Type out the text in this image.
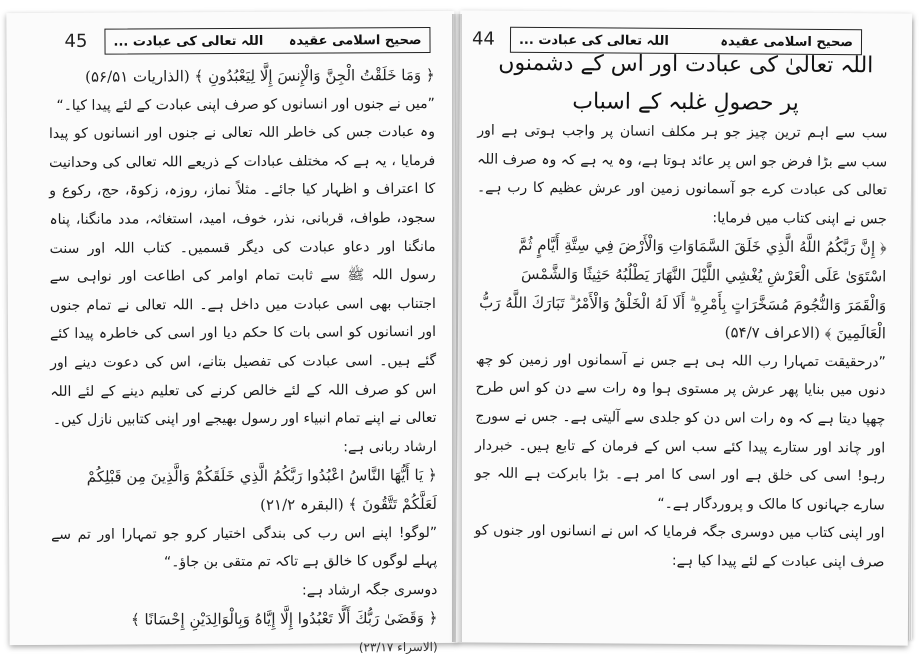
45	صحیح اسلامی عقیدہ
اللہ تعالی کی عبادت ...

﴿ وَمَا خَلَقْتُ الْجِنَّ وَالْإِنسَ إِلَّا لِيَعْبُدُونِ ﴾ (الذاریات ۵۶/۵۱)

”میں نے جنوں اور انسانوں کو صرف اپنی عبادت کے لئے پیدا کیا۔“

وہ عبادت جس کی خاطر اللہ تعالی نے جنوں اور انسانوں کو پیدا فرمایا ، یہ ہے کہ مختلف عبادات کے ذریعے اللہ تعالی کی وحدانیت کا اعتراف و اظہار کیا جائے۔ مثلاً نماز، روزہ، زکوۃ، حج، رکوع و سجود، طواف، قربانی، نذر، خوف، امید، استغاثہ، مدد مانگنا، پناہ مانگنا اور دعاو عبادت کی دیگر قسمیں۔ کتاب اللہ اور سنت رسول اللہ ﷺ سے ثابت تمام اوامر کی اطاعت اور نواہی سے اجتناب بھی اسی عبادت میں داخل ہے۔ اللہ تعالی نے تمام جنوں اور انسانوں کو اسی بات کا حکم دیا اور اسی کی خاطرہ پیدا کئے گئے ہیں۔ اسی عبادت کی تفصیل بتانے، اس کی دعوت دینے اور اس کو صرف اللہ کے لئے خالص کرنے کی تعلیم دینے کے لئے اللہ تعالی نے اپنے تمام انبیاء اور رسول بھیجے اور اپنی کتابیں نازل کیں۔

ارشاد ربانی ہے:

﴿ يَا أَيُّهَا النَّاسُ اعْبُدُوا رَبَّكُمُ الَّذِي خَلَقَكُمْ وَالَّذِينَ مِن قَبْلِكُمْ لَعَلَّكُمْ تَتَّقُونَ ﴾ (البقرہ ۲۱/۲)

”لوگو! اپنے اس رب کی بندگی اختیار کرو جو تمہارا اور تم سے پہلے لوگوں کا خالق ہے تاکہ تم متقی بن جاؤ۔“

دوسری جگہ ارشاد ہے:

﴿ وَقَضَىٰ رَبُّكَ أَلَّا تَعْبُدُوا إِلَّا إِيَّاهُ وَبِالْوَالِدَيْنِ إِحْسَانًا ﴾

(الاسراء ۲۳/۱۷)

44	صحیح اسلامی عقیدہ
اللہ تعالی کی عبادت ...
اللہ تعالیٰ کی عبادت اور اس کے دشمنوں
پر حصولِ غلبہ کے اسباب

سب سے اہم ترین چیز جو ہر مکلف انسان پر واجب ہوتی ہے اور سب سے بڑا فرض جو اس پر عائد ہوتا ہے، وہ یہ ہے کہ وہ صرف اللہ تعالی کی عبادت کرے جو آسمانوں زمین اور عرش عظیم کا رب ہے۔ جس نے اپنی کتاب میں فرمایا:

﴿ إِنَّ رَبَّكُمُ اللَّهُ الَّذِي خَلَقَ السَّمَاوَاتِ وَالْأَرْضَ فِي سِتَّةِ أَيَّامٍ ثُمَّ اسْتَوَىٰ عَلَى الْعَرْشِ يُغْشِي اللَّيْلَ النَّهَارَ يَطْلُبُهُ حَثِيثًا وَالشَّمْسَ وَالْقَمَرَ وَالنُّجُومَ مُسَخَّرَاتٍ بِأَمْرِهِ ۗ أَلَا لَهُ الْخَلْقُ وَالْأَمْرُ ۗ تَبَارَكَ اللَّهُ رَبُّ الْعَالَمِينَ ﴾ (الاعراف ۵۴/۷)

”درحقیقت تمہارا رب اللہ ہی ہے جس نے آسمانوں اور زمین کو چھ دنوں میں بنایا پھر عرش پر مستوی ہوا وہ رات سے دن کو اس طرح چھپا دیتا ہے کہ وہ رات اس دن کو جلدی سے آلیتی ہے۔ جس نے سورج اور چاند اور ستارے پیدا کئے سب اس کے فرمان کے تابع ہیں۔ خبردار رہو! اسی کی خلق ہے اور اسی کا امر ہے۔ بڑا بابرکت ہے اللہ جو سارے جہانوں کا مالک و پروردگار ہے۔“

اور اپنی کتاب میں دوسری جگہ فرمایا کہ اس نے انسانوں اور جنوں کو صرف اپنی عبادت کے لئے پیدا کیا ہے:
